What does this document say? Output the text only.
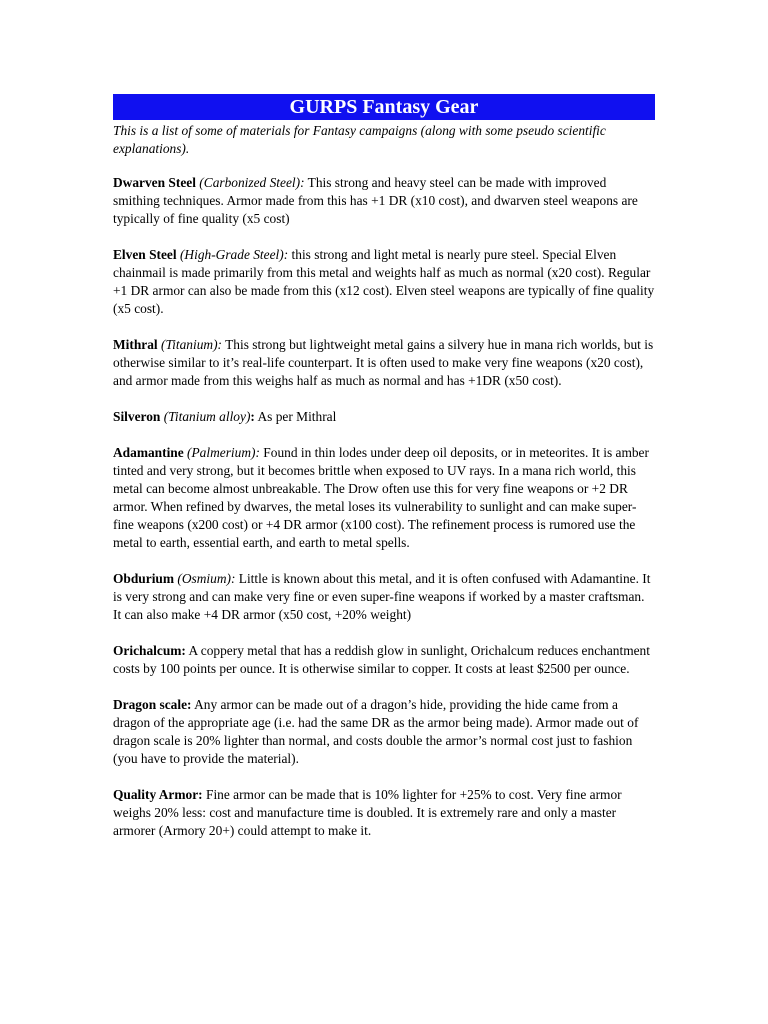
GURPS Fantasy Gear

This is a list of some of materials for Fantasy campaigns (along with some pseudo scientific explanations).

Dwarven Steel (Carbonized Steel): This strong and heavy steel can be made with improved smithing techniques. Armor made from this has +1 DR (x10 cost), and dwarven steel weapons are typically of fine quality (x5 cost)

Elven Steel (High-Grade Steel): this strong and light metal is nearly pure steel. Special Elven chainmail is made primarily from this metal and weights half as much as normal (x20 cost). Regular +1 DR armor can also be made from this (x12 cost). Elven steel weapons are typically of fine quality (x5 cost).

Mithral (Titanium): This strong but lightweight metal gains a silvery hue in mana rich worlds, but is otherwise similar to it’s real-life counterpart. It is often used to make very fine weapons (x20 cost), and armor made from this weighs half as much as normal and has +1DR (x50 cost).

Silveron (Titanium alloy): As per Mithral

Adamantine (Palmerium): Found in thin lodes under deep oil deposits, or in meteorites. It is amber tinted and very strong, but it becomes brittle when exposed to UV rays. In a mana rich world, this metal can become almost unbreakable. The Drow often use this for very fine weapons or +2 DR armor. When refined by dwarves, the metal loses its vulnerability to sunlight and can make super-fine weapons (x200 cost) or +4 DR armor (x100 cost). The refinement process is rumored use the metal to earth, essential earth, and earth to metal spells.

Obdurium (Osmium): Little is known about this metal, and it is often confused with Adamantine. It is very strong and can make very fine or even super-fine weapons if worked by a master craftsman. It can also make +4 DR armor (x50 cost, +20% weight)

Orichalcum: A coppery metal that has a reddish glow in sunlight, Orichalcum reduces enchantment costs by 100 points per ounce. It is otherwise similar to copper. It costs at least $2500 per ounce.

Dragon scale: Any armor can be made out of a dragon’s hide, providing the hide came from a dragon of the appropriate age (i.e. had the same DR as the armor being made). Armor made out of dragon scale is 20% lighter than normal, and costs double the armor’s normal cost just to fashion (you have to provide the material).

Quality Armor: Fine armor can be made that is 10% lighter for +25% to cost. Very fine armor weighs 20% less: cost and manufacture time is doubled. It is extremely rare and only a master armorer (Armory 20+) could attempt to make it.
